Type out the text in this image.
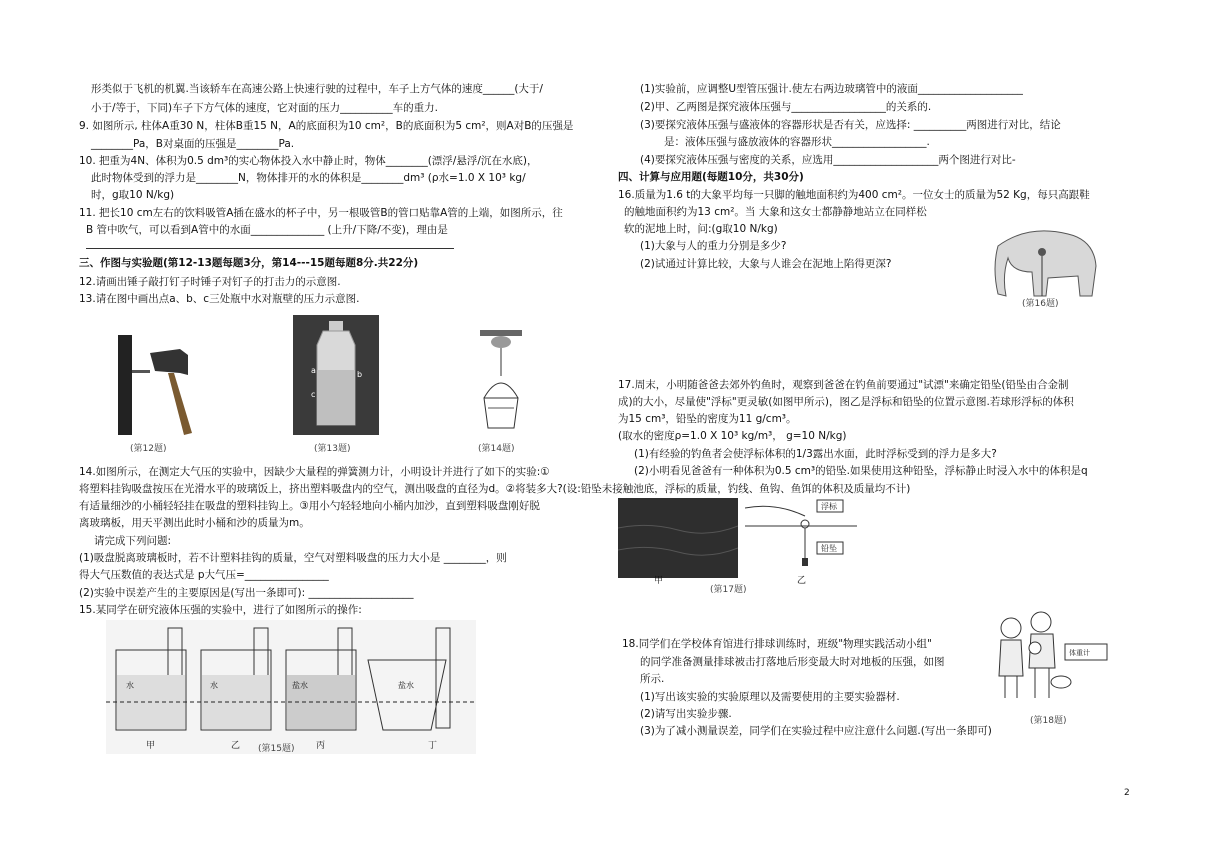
形类似于飞机的机翼.当该轿车在高速公路上快速行驶的过程中，车子上方气体的速度______(大于/
小于/等于，下同)车子下方气体的速度，它对面的压力__________车的重力.
9. 如图所示, 柱体A重30 N，柱体B重15 N，A的底面积为10 cm²，B的底面积为5 cm²，则A对B的压强是
________Pa，B对桌面的压强是________Pa.
10. 把重为4N、体积为0.5 dm³的实心物体投入水中静止时，物体________(漂浮/悬浮/沉在水底)，
此时物体受到的浮力是________N，物体排开的水的体积是________dm³ (ρ水=1.0 X 10³ kg/
时，g取10 N/kg)
11. 把长10 cm左右的饮料吸管A插在盛水的杯子中，另一根吸管B的管口贴靠A管的上端，如图所示，往
B 管中吹气，可以看到A管中的水面______________ (上升/下降/不变)，理由是
三、作图与实验题(第12-13题每题3分，第14---15题每题8分.共22分)
12.请画出锤子敲打钉子时锤子对钉子的打击力的示意图.
13.请在图中画出点a、b、c三处瓶中水对瓶壁的压力示意图.
(第12题)
a	b
c
(第13题)	(第14题)
14.如图所示，在测定大气压的实验中，因缺少大量程的弹簧测力计，小明设计并进行了如下的实验:①
将塑料挂钩吸盘按压在光滑水平的玻璃饭上，挤出塑料吸盘内的空气，测出吸盘的直径为d。②将装多大?(设:铅坠未接触池底，浮标的质量，钓线、鱼钩、鱼饵的体积及质量均不计)
有适量细沙的小桶轻轻挂在吸盘的塑料挂钩上。③用小勺轻轻地向小桶内加沙，直到塑料吸盘刚好脱
离玻璃板，用天平测出此时小桶和沙的质量为m。
请完成下列问题:
(1)吸盘脱离玻璃板时，若不计塑料挂钩的质量，空气对塑料吸盘的压力大小是 ________，则
得大气压数值的表达式是 p大气压=________________
(2)实验中误差产生的主要原因是(写出一条即可): ____________________
15.某同学在研究液体压强的实验中，进行了如图所示的操作:
水	水	盐水	盐水
甲	乙	丙	丁
(第15题)
(1)实验前，应调整U型管压强计.使左右两边玻璃管中的液面____________________
(2)甲、乙两图是探究液体压强与__________________的关系的.
(3)要探究液体压强与盛液体的容器形状是否有关，应选择: __________两图进行对比，结论
是：液体压强与盛放液体的容器形状__________________.
(4)要探究液体压强与密度的关系，应选用____________________两个图进行对比-
四、计算与应用题(每题10分，共30分)
16.质量为1.6 t的大象平均每一只脚的触地面积约为400 cm²。一位女士的质量为52 Kg，每只高跟鞋
的触地面积约为13 cm²。当 大象和这女士都静静地站立在同样松
软的泥地上时，问:(g取10 N/kg)
(1)大象与人的重力分别是多少?
(2)试通过计算比较，大象与人谁会在泥地上陷得更深?
(第16题)
17.周末，小明随爸爸去郊外钓鱼时，观察到爸爸在钓鱼前要通过"试漂"来确定铅坠(铅坠由合金制
成)的大小，尽量使"浮标"更灵敏(如图甲所示)，图乙是浮标和铅坠的位置示意图.若球形浮标的体积
为15 cm³，铅坠的密度为11 g/cm³。
(取水的密度ρ=1.0 X 10³ kg/m³， g=10 N/kg)
(1)有经验的钓鱼者会使浮标体积的1/3露出水面，此时浮标受到的浮力是多大?
(2)小明看见爸爸有一种体积为0.5 cm³的铅坠.如果使用这种铅坠，浮标静止时浸入水中的体积是q
浮标
铅坠
甲	乙
(第17题)
18.同学们在学校体育馆进行排球训练时，班级"物理实践活动小组"
的同学准备测量排球被击打落地后形变最大时对地板的压强，如图
所示.
(1)写出该实验的实验原理以及需要使用的主要实验器材.
(2)请写出实验步骤.
(3)为了减小测量误差，同学们在实验过程中应注意什么问题.(写出一条即可)
体重计
(第18题)
2
